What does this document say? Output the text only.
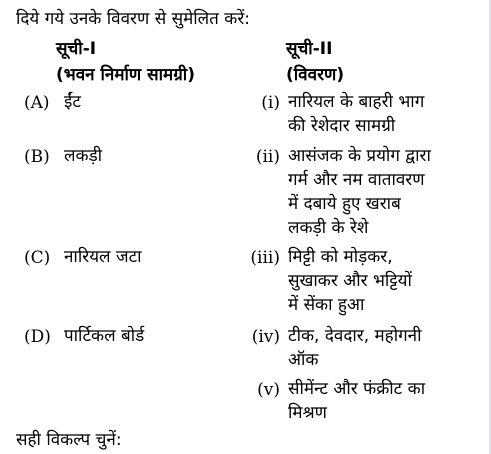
दिये गये उनके विवरण से सुमेलित करें:
सूची-I
(भवन निर्माण सामग्री)
सूची-II
(विवरण)
(A) ईंट
(B) लकड़ी
(C) नारियल जटा
(D) पार्टिकल बोर्ड
(i) नारियल के बाहरी भाग
की रेशेदार सामग्री
(ii) आसंजक के प्रयोग द्वारा
गर्म और नम वातावरण
में दबाये हुए खराब
लकड़ी के रेशे
(iii) मिट्टी को मोड़कर,
सुखाकर और भट्टियों
में सेंका हुआ
(iv) टीक, देवदार, महोगनी
ऑक
(v) सीमेंन्ट और फंक्रीट का
मिश्रण
सही विकल्प चुनें:
